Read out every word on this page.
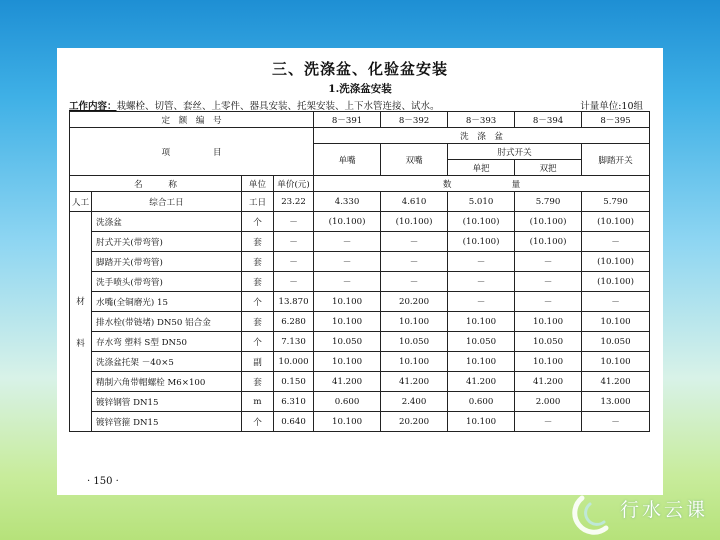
三、洗涤盆、化验盆安装
1.洗涤盆安装
工作内容：栽螺栓、切管、套丝、上零件、器具安装、托架安装、上下水管连接、试水。	计量单位:10组
定　额　编　号				8－391	8－392	8－393	8－394	8－395
项　　　　　目				洗　涤　盆				
				单嘴	双嘴	肘式开关		脚踏开关
						单把	双把	
名　　　称		单位	单价(元)	数　　　　　　　量				
人工	综合工日	工日	23.22	4.330	4.610	5.010	5.790	5.790

材
料	洗涤盆	个	－	(10.100)	(10.100)	(10.100)	(10.100)	(10.100)
	肘式开关(带弯管)	套	－	－	－	(10.100)	(10.100)	－
	脚踏开关(带弯管)	套	－	－	－	－	－	(10.100)
	洗手喷头(带弯管)	套	－	－	－	－	－	(10.100)
	水嘴(全铜磨光) 15	个	13.870	10.100	20.200	－	－	－
	排水栓(带链堵) DN50 铝合金	套	6.280	10.100	10.100	10.100	10.100	10.100
	存水弯 塑料 S型 DN50	个	7.130	10.050	10.050	10.050	10.050	10.050
	洗涤盆托架 －40×5	副	10.000	10.100	10.100	10.100	10.100	10.100
	精制六角带帽螺栓 M6×100	套	0.150	41.200	41.200	41.200	41.200	41.200
	镀锌钢管 DN15	m	6.310	0.600	2.400	0.600	2.000	13.000
	镀锌管箍 DN15	个	0.640	10.100	20.200	10.100	－	－
· 150 ·
行水云课
